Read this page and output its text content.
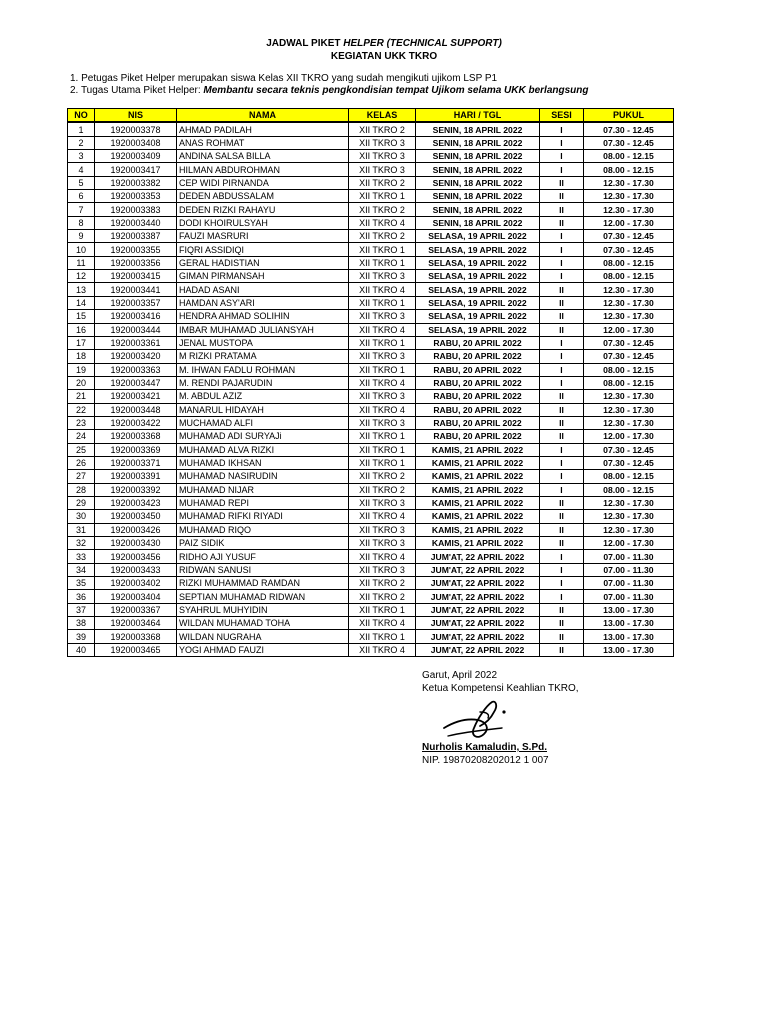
JADWAL PIKET HELPER (TECHNICAL SUPPORT)
KEGIATAN UKK TKRO
1. Petugas Piket Helper merupakan siswa Kelas XII TKRO yang sudah mengikuti ujikom LSP P1
2. Tugas Utama Piket Helper: Membantu secara teknis pengkondisian tempat Ujikom selama UKK berlangsung
NO	NIS	NAMA	KELAS	HARI / TGL	SESI	PUKUL
1	1920003378	AHMAD PADILAH	XII TKRO 2	SENIN, 18 APRIL 2022	I	07.30 - 12.45
2	1920003408	ANAS ROHMAT	XII TKRO 3	SENIN, 18 APRIL 2022	I	07.30 - 12.45
3	1920003409	ANDINA SALSA BILLA	XII TKRO 3	SENIN, 18 APRIL 2022	I	08.00 - 12.15
4	1920003417	HILMAN ABDUROHMAN	XII TKRO 3	SENIN, 18 APRIL 2022	I	08.00 - 12.15
5	1920003382	CEP WIDI PIRNANDA	XII TKRO 2	SENIN, 18 APRIL 2022	II	12.30 - 17.30
6	1920003353	DEDEN ABDUSSALAM	XII TKRO 1	SENIN, 18 APRIL 2022	II	12.30 - 17.30
7	1920003383	DEDEN RIZKI RAHAYU	XII TKRO 2	SENIN, 18 APRIL 2022	II	12.30 - 17.30
8	1920003440	DODI KHOIRULSYAH	XII TKRO 4	SENIN, 18 APRIL 2022	II	12.00 - 17.30
9	1920003387	FAUZI MASRURI	XII TKRO 2	SELASA, 19 APRIL 2022	I	07.30 - 12.45
10	1920003355	FIQRI ASSIDIQI	XII TKRO 1	SELASA, 19 APRIL 2022	I	07.30 - 12.45
11	1920003356	GERAL HADISTIAN	XII TKRO 1	SELASA, 19 APRIL 2022	I	08.00 - 12.15
12	1920003415	GIMAN PIRMANSAH	XII TKRO 3	SELASA, 19 APRIL 2022	I	08.00 - 12.15
13	1920003441	HADAD ASANI	XII TKRO 4	SELASA, 19 APRIL 2022	II	12.30 - 17.30
14	1920003357	HAMDAN ASY'ARI	XII TKRO 1	SELASA, 19 APRIL 2022	II	12.30 - 17.30
15	1920003416	HENDRA AHMAD SOLIHIN	XII TKRO 3	SELASA, 19 APRIL 2022	II	12.30 - 17.30
16	1920003444	IMBAR MUHAMAD JULIANSYAH	XII TKRO 4	SELASA, 19 APRIL 2022	II	12.00 - 17.30
17	1920003361	JENAL MUSTOPA	XII TKRO 1	RABU, 20 APRIL 2022	I	07.30 - 12.45
18	1920003420	M RIZKI PRATAMA	XII TKRO 3	RABU, 20 APRIL 2022	I	07.30 - 12.45
19	1920003363	M. IHWAN FADLU ROHMAN	XII TKRO 1	RABU, 20 APRIL 2022	I	08.00 - 12.15
20	1920003447	M. RENDI PAJARUDIN	XII TKRO 4	RABU, 20 APRIL 2022	I	08.00 - 12.15
21	1920003421	M. ABDUL AZIZ	XII TKRO 3	RABU, 20 APRIL 2022	II	12.30 - 17.30
22	1920003448	MANARUL HIDAYAH	XII TKRO 4	RABU, 20 APRIL 2022	II	12.30 - 17.30
23	1920003422	MUCHAMAD ALFI	XII TKRO 3	RABU, 20 APRIL 2022	II	12.30 - 17.30
24	1920003368	MUHAMAD ADI SURYAJi	XII TKRO 1	RABU, 20 APRIL 2022	II	12.00 - 17.30
25	1920003369	MUHAMAD ALVA RIZKI	XII TKRO 1	KAMIS, 21 APRIL 2022	I	07.30 - 12.45
26	1920003371	MUHAMAD IKHSAN	XII TKRO 1	KAMIS, 21 APRIL 2022	I	07.30 - 12.45
27	1920003391	MUHAMAD NASIRUDIN	XII TKRO 2	KAMIS, 21 APRIL 2022	I	08.00 - 12.15
28	1920003392	MUHAMAD NIJAR	XII TKRO 2	KAMIS, 21 APRIL 2022	I	08.00 - 12.15
29	1920003423	MUHAMAD REPI	XII TKRO 3	KAMIS, 21 APRIL 2022	II	12.30 - 17.30
30	1920003450	MUHAMAD RIFKI RIYADI	XII TKRO 4	KAMIS, 21 APRIL 2022	II	12.30 - 17.30
31	1920003426	MUHAMAD RIQO	XII TKRO 3	KAMIS, 21 APRIL 2022	II	12.30 - 17.30
32	1920003430	PAIZ SIDIK	XII TKRO 3	KAMIS, 21 APRIL 2022	II	12.00 - 17.30
33	1920003456	RIDHO AJI YUSUF	XII TKRO 4	JUM'AT, 22 APRIL 2022	I	07.00 - 11.30
34	1920003433	RIDWAN SANUSI	XII TKRO 3	JUM'AT, 22 APRIL 2022	I	07.00 - 11.30
35	1920003402	RIZKI MUHAMMAD RAMDAN	XII TKRO 2	JUM'AT, 22 APRIL 2022	I	07.00 - 11.30
36	1920003404	SEPTIAN MUHAMAD RIDWAN	XII TKRO 2	JUM'AT, 22 APRIL 2022	I	07.00 - 11.30
37	1920003367	SYAHRUL MUHYIDIN	XII TKRO 1	JUM'AT, 22 APRIL 2022	II	13.00 - 17.30
38	1920003464	WILDAN MUHAMAD TOHA	XII TKRO 4	JUM'AT, 22 APRIL 2022	II	13.00 - 17.30
39	1920003368	WILDAN NUGRAHA	XII TKRO 1	JUM'AT, 22 APRIL 2022	II	13.00 - 17.30
40	1920003465	YOGI AHMAD FAUZI	XII TKRO 4	JUM'AT, 22 APRIL 2022	II	13.00 - 17.30
Garut, April 2022
Ketua Kompetensi Keahlian TKRO,
Nurholis Kamaludin, S.Pd.
NIP. 19870208202012 1 007
